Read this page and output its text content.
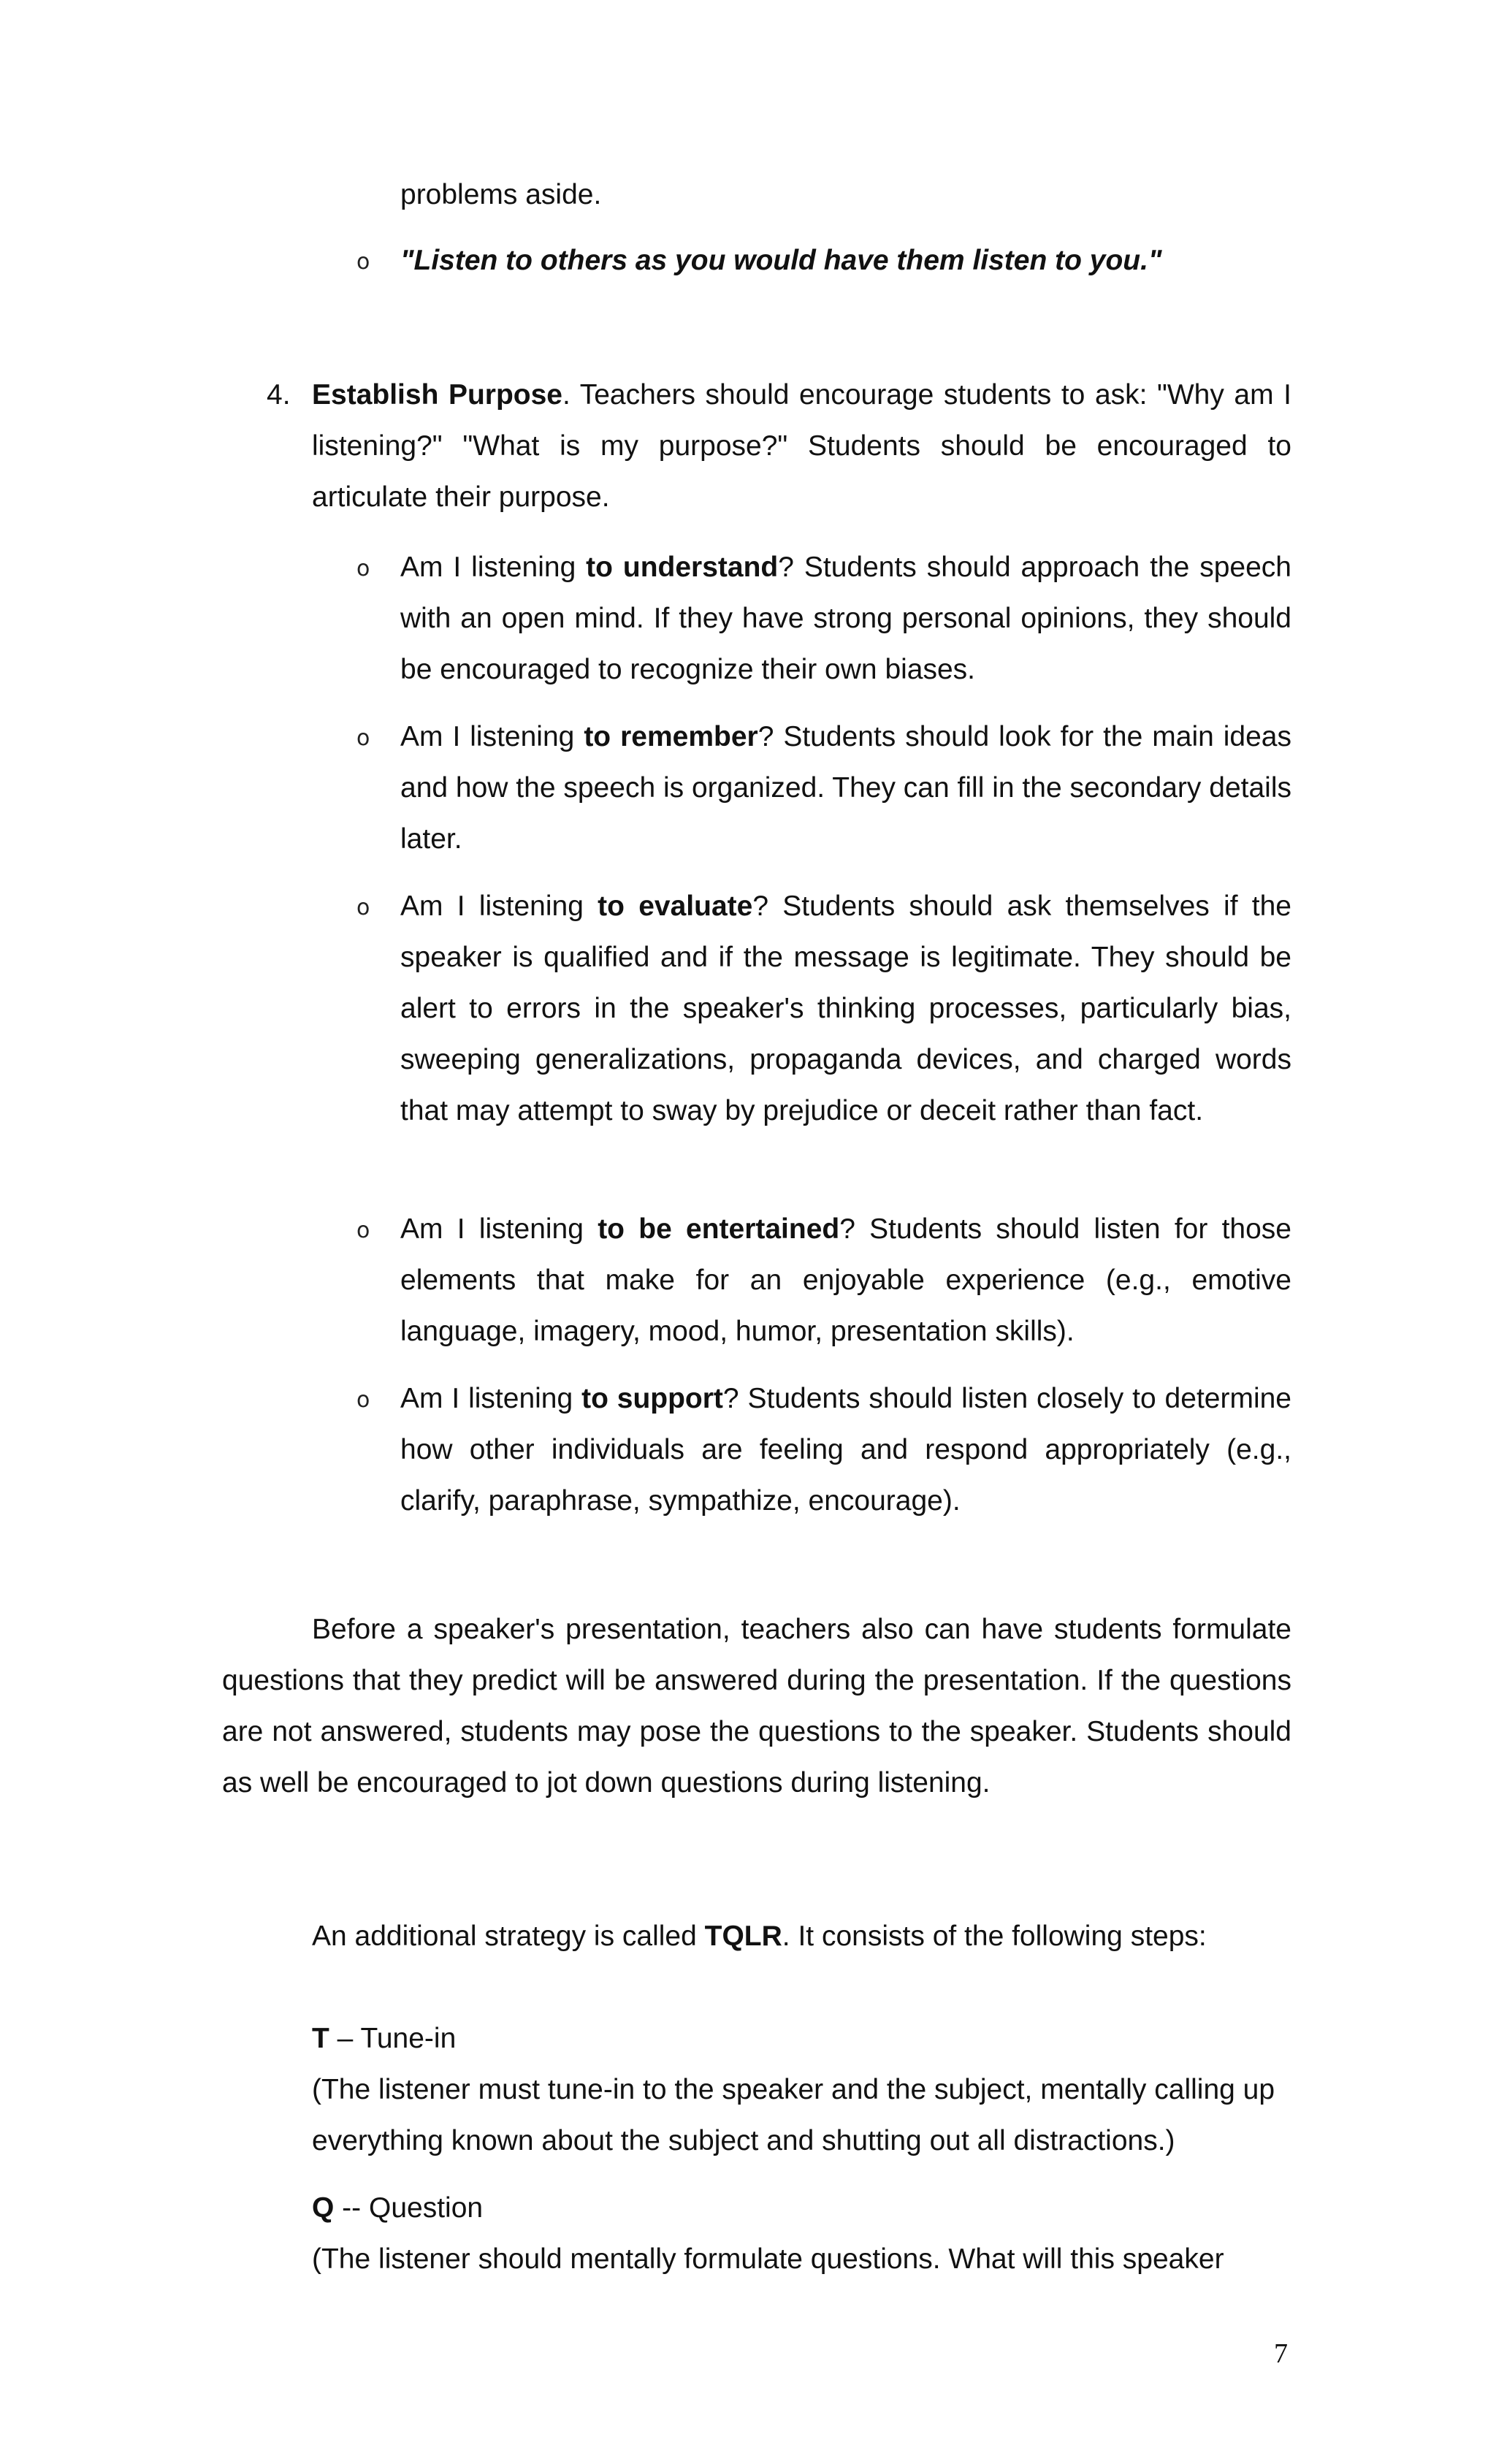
problems aside.
o "Listen to others as you would have them listen to you."
4. Establish Purpose. Teachers should encourage students to ask: "Why am I listening?" "What is my purpose?" Students should be encouraged to articulate their purpose.
o Am I listening to understand? Students should approach the speech with an open mind. If they have strong personal opinions, they should be encouraged to recognize their own biases.
o Am I listening to remember? Students should look for the main ideas and how the speech is organized. They can fill in the secondary details later.
o Am I listening to evaluate? Students should ask themselves if the speaker is qualified and if the message is legitimate. They should be alert to errors in the speaker's thinking processes, particularly bias, sweeping generalizations, propaganda devices, and charged words that may attempt to sway by prejudice or deceit rather than fact.
o Am I listening to be entertained? Students should listen for those elements that make for an enjoyable experience (e.g., emotive language, imagery, mood, humor, presentation skills).
o Am I listening to support? Students should listen closely to determine how other individuals are feeling and respond appropriately (e.g., clarify, paraphrase, sympathize, encourage).
Before a speaker's presentation, teachers also can have students formulate questions that they predict will be answered during the presentation. If the questions are not answered, students may pose the questions to the speaker. Students should as well be encouraged to jot down questions during listening.
An additional strategy is called TQLR. It consists of the following steps:
T – Tune-in
(The listener must tune-in to the speaker and the subject, mentally calling up everything known about the subject and shutting out all distractions.)
Q -- Question
(The listener should mentally formulate questions. What will this speaker
7
